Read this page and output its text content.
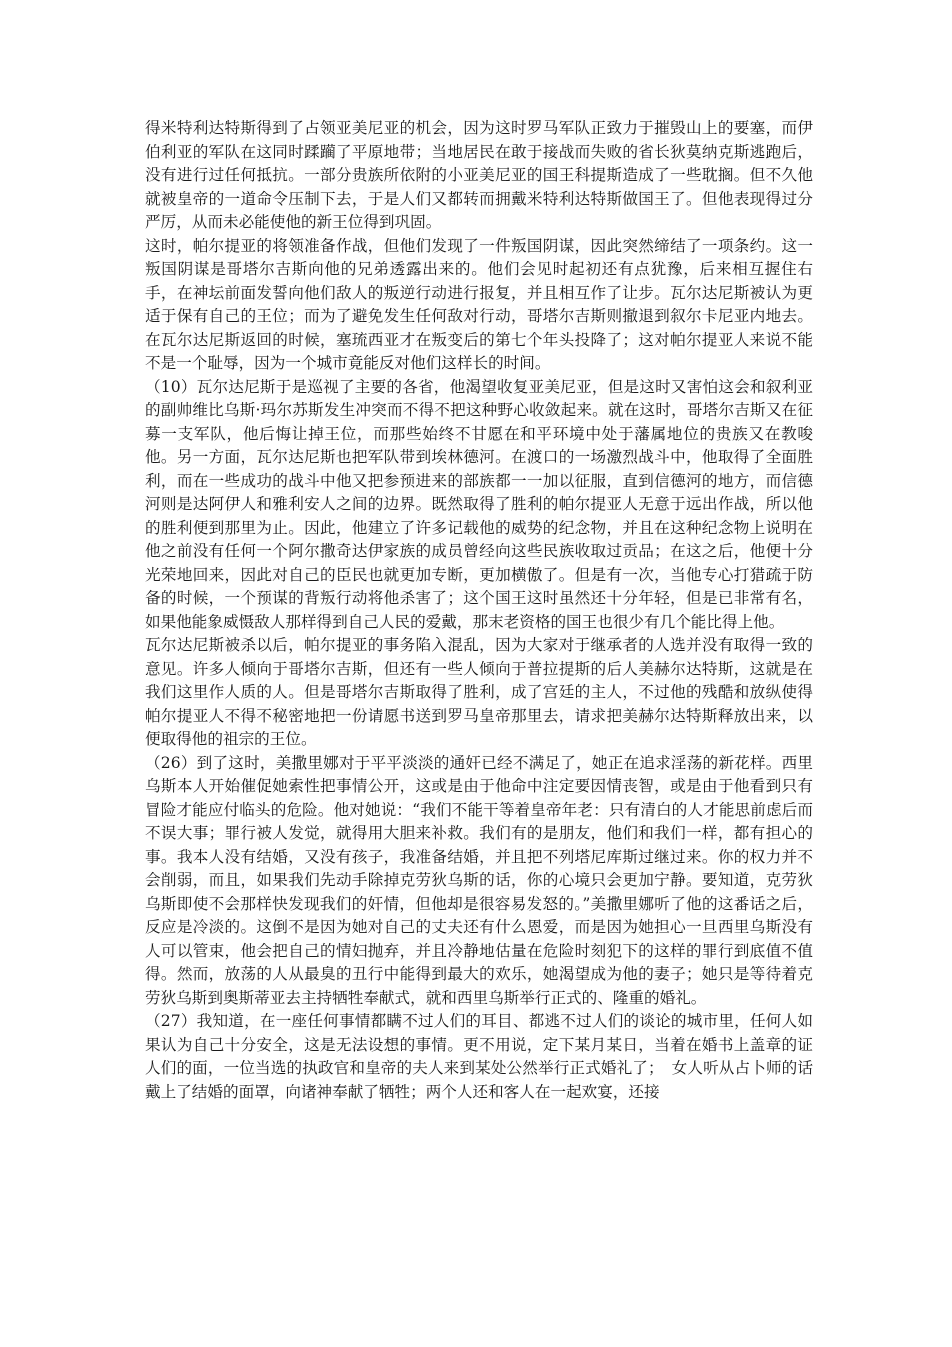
得米特利达特斯得到了占领亚美尼亚的机会，因为这时罗马军队正致力于摧毁山上的要塞，而伊伯利亚的军队在这同时蹂躏了平原地带；当地居民在敢于接战而失败的省长狄莫纳克斯逃跑后，没有进行过任何抵抗。一部分贵族所依附的小亚美尼亚的国王科提斯造成了一些耽搁。但不久他就被皇帝的一道命令压制下去，于是人们又都转而拥戴米特利达特斯做国王了。但他表现得过分严厉，从而未必能使他的新王位得到巩固。

这时，帕尔提亚的将领准备作战，但他们发现了一件叛国阴谋，因此突然缔结了一项条约。这一叛国阴谋是哥塔尔吉斯向他的兄弟透露出来的。他们会见时起初还有点犹豫，后来相互握住右手，在神坛前面发誓向他们敌人的叛逆行动进行报复，并且相互作了让步。瓦尔达尼斯被认为更适于保有自己的王位；而为了避免发生任何敌对行动，哥塔尔吉斯则撤退到叙尔卡尼亚内地去。在瓦尔达尼斯返回的时候，塞琉西亚才在叛变后的第七个年头投降了；这对帕尔提亚人来说不能不是一个耻辱，因为一个城市竟能反对他们这样长的时间。

（10）瓦尔达尼斯于是巡视了主要的各省，他渴望收复亚美尼亚，但是这时又害怕这会和叙利亚的副帅维比乌斯·玛尔苏斯发生冲突而不得不把这种野心收敛起来。就在这时，哥塔尔吉斯又在征募一支军队，他后悔让掉王位，而那些始终不甘愿在和平环境中处于藩属地位的贵族又在教唆他。另一方面，瓦尔达尼斯也把军队带到埃林德河。在渡口的一场激烈战斗中，他取得了全面胜利，而在一些成功的战斗中他又把参预进来的部族都一一加以征服，直到信德河的地方，而信德河则是达阿伊人和雅利安人之间的边界。既然取得了胜利的帕尔提亚人无意于远出作战，所以他的胜利便到那里为止。因此，他建立了许多记载他的威势的纪念物，并且在这种纪念物上说明在他之前没有任何一个阿尔撒奇达伊家族的成员曾经向这些民族收取过贡品；在这之后，他便十分光荣地回来，因此对自己的臣民也就更加专断，更加横傲了。但是有一次，当他专心打猎疏于防备的时候，一个预谋的背叛行动将他杀害了；这个国王这时虽然还十分年轻，但是已非常有名，如果他能象威慑敌人那样得到自己人民的爱戴，那末老资格的国王也很少有几个能比得上他。

瓦尔达尼斯被杀以后，帕尔提亚的事务陷入混乱，因为大家对于继承者的人选并没有取得一致的意见。许多人倾向于哥塔尔吉斯，但还有一些人倾向于普拉提斯的后人美赫尔达特斯，这就是在我们这里作人质的人。但是哥塔尔吉斯取得了胜利，成了宫廷的主人，不过他的残酷和放纵使得帕尔提亚人不得不秘密地把一份请愿书送到罗马皇帝那里去，请求把美赫尔达特斯释放出来，以便取得他的祖宗的王位。

（26）到了这时，美撒里娜对于平平淡淡的通奸已经不满足了，她正在追求淫荡的新花样。西里乌斯本人开始催促她索性把事情公开，这或是由于他命中注定要因情丧智，或是由于他看到只有冒险才能应付临头的危险。他对她说：“我们不能干等着皇帝年老：只有清白的人才能思前虑后而不误大事；罪行被人发觉，就得用大胆来补救。我们有的是朋友，他们和我们一样，都有担心的事。我本人没有结婚，又没有孩子，我准备结婚，并且把不列塔尼库斯过继过来。你的权力并不会削弱，而且，如果我们先动手除掉克劳狄乌斯的话，你的心境只会更加宁静。要知道，克劳狄乌斯即使不会那样快发现我们的奸情，但他却是很容易发怒的。”美撒里娜听了他的这番话之后，反应是冷淡的。这倒不是因为她对自己的丈夫还有什么恩爱，而是因为她担心一旦西里乌斯没有人可以管束，他会把自己的情妇抛弃，并且冷静地估量在危险时刻犯下的这样的罪行到底值不值得。然而，放荡的人从最臭的丑行中能得到最大的欢乐，她渴望成为他的妻子；她只是等待着克劳狄乌斯到奥斯蒂亚去主持牺牲奉献式，就和西里乌斯举行正式的、隆重的婚礼。

（27）我知道，在一座任何事情都瞒不过人们的耳目、都逃不过人们的谈论的城市里，任何人如果认为自己十分安全，这是无法设想的事情。更不用说，定下某月某日，当着在婚书上盖章的证人们的面，一位当选的执政官和皇帝的夫人来到某处公然举行正式婚礼了；　女人听从占卜师的话戴上了结婚的面罩，向诸神奉献了牺牲；两个人还和客人在一起欢宴，还接
